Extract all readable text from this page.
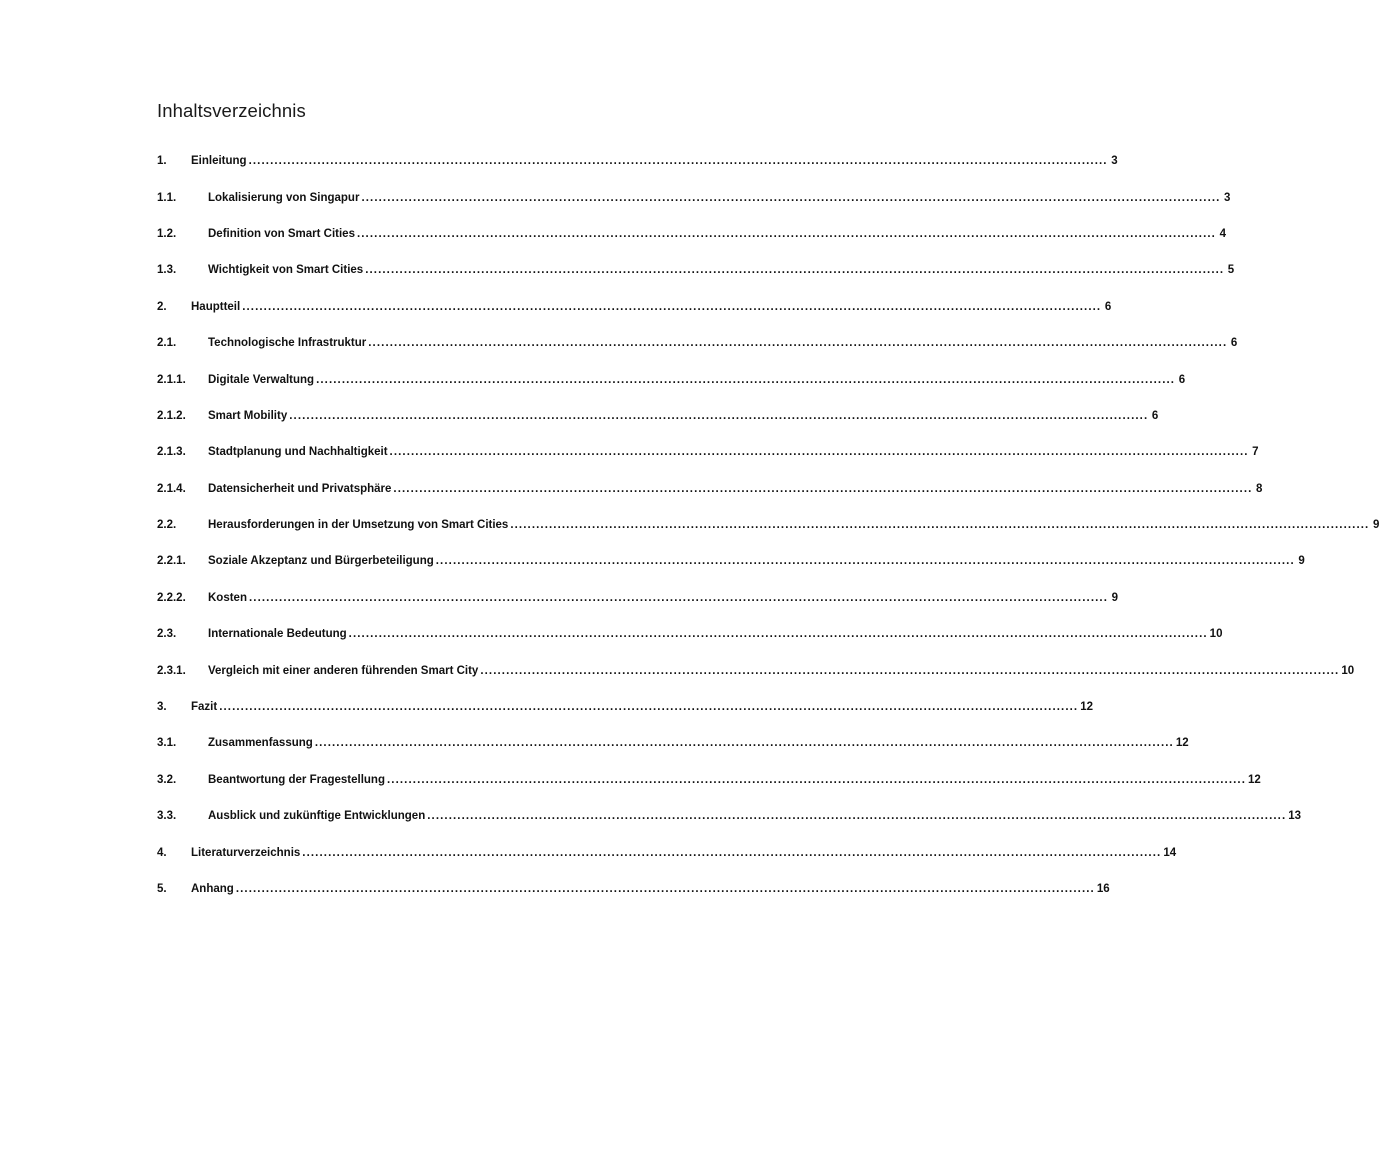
Inhaltsverzeichnis
1.	Einleitung ........................................................................................................................................................................................................ 3
1.1.	Lokalisierung von Singapur ........................................................................................................................................................................................................ 3
1.2.	Definition von Smart Cities ........................................................................................................................................................................................................ 4
1.3.	Wichtigkeit von Smart Cities ........................................................................................................................................................................................................ 5
2.	Hauptteil ........................................................................................................................................................................................................ 6
2.1.	Technologische Infrastruktur ........................................................................................................................................................................................................ 6
2.1.1.	Digitale Verwaltung ........................................................................................................................................................................................................ 6
2.1.2.	Smart Mobility ........................................................................................................................................................................................................ 6
2.1.3.	Stadtplanung und Nachhaltigkeit ........................................................................................................................................................................................................ 7
2.1.4.	Datensicherheit und Privatsphäre ........................................................................................................................................................................................................ 8
2.2.	Herausforderungen in der Umsetzung von Smart Cities ........................................................................................................................................................................................................ 9
2.2.1.	Soziale Akzeptanz und Bürgerbeteiligung ........................................................................................................................................................................................................ 9
2.2.2.	Kosten ........................................................................................................................................................................................................ 9
2.3.	Internationale Bedeutung ........................................................................................................................................................................................................ 10
2.3.1.	Vergleich mit einer anderen führenden Smart City ........................................................................................................................................................................................................ 10
3.	Fazit ........................................................................................................................................................................................................ 12
3.1.	Zusammenfassung ........................................................................................................................................................................................................ 12
3.2.	Beantwortung der Fragestellung ........................................................................................................................................................................................................ 12
3.3.	Ausblick und zukünftige Entwicklungen ........................................................................................................................................................................................................ 13
4.	Literaturverzeichnis ........................................................................................................................................................................................................ 14
5.	Anhang ........................................................................................................................................................................................................ 16
